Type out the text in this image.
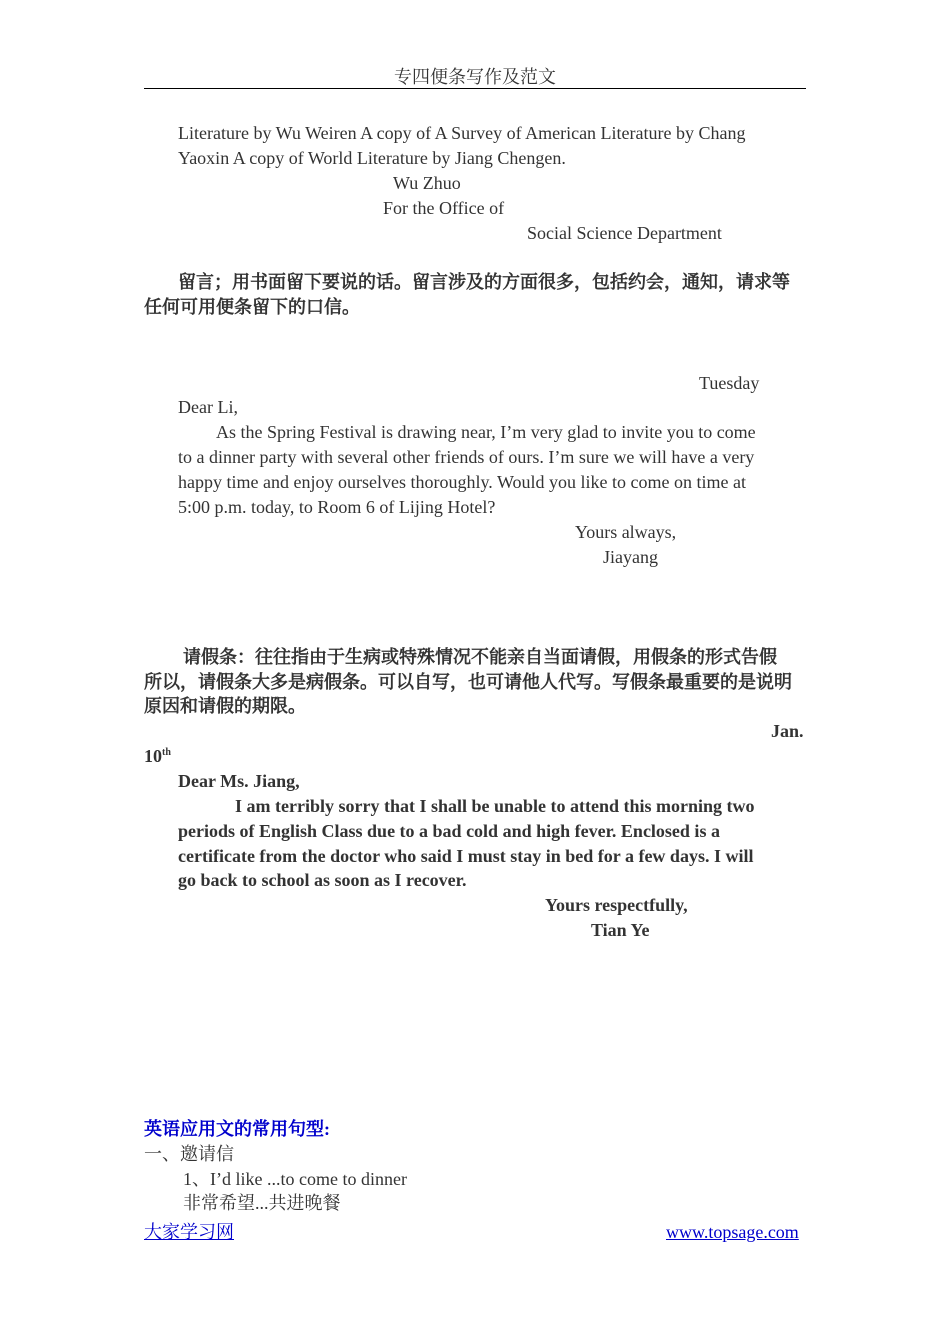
专四便条写作及范文
Literature by Wu Weiren A copy of A Survey of American Literature by Chang
Yaoxin A copy of World Literature by Jiang Chengen.
Wu Zhuo
For the Office of
Social Science Department
留言；用书面留下要说的话。留言涉及的方面很多，包括约会，通知，请求等
任何可用便条留下的口信。
Tuesday
Dear Li,
As the Spring Festival is drawing near, I’m very glad to invite you to come
to a dinner party with several other friends of ours. I’m sure we will have a very
happy time and enjoy ourselves thoroughly. Would you like to come on time at
5:00 p.m. today, to Room 6 of Lijing Hotel?
Yours always,
Jiayang
请假条：往往指由于生病或特殊情况不能亲自当面请假，用假条的形式告假
所以，请假条大多是病假条。可以自写，也可请他人代写。写假条最重要的是说明
原因和请假的期限。
Jan.
10th
Dear Ms. Jiang,
I am terribly sorry that I shall be unable to attend this morning two
periods of English Class due to a bad cold and high fever. Enclosed is a
certificate from the doctor who said I must stay in bed for a few days. I will
go back to school as soon as I recover.
Yours respectfully,
Tian Ye
英语应用文的常用句型:
一、邀请信
1、I’d like ...to come to dinner
非常希望...共进晚餐
大家学习网	www.topsage.com
